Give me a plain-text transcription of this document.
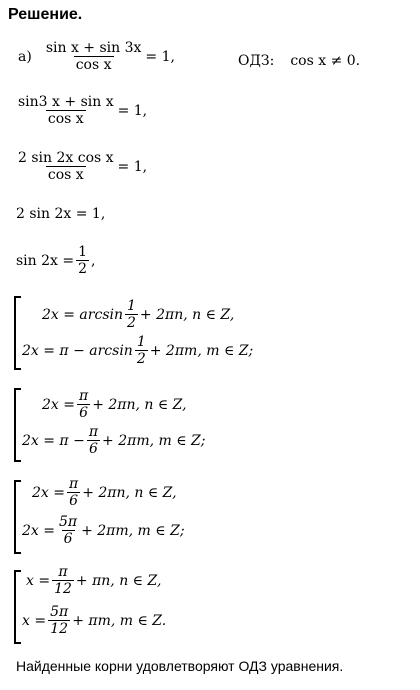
Решение.
$а) \frac{\text{sin x + sin 3x}}{\text{cos x}} = 1$,	ОДЗ: cos x ≠ 0.
$\frac{\text{sin3 x + sin x}}{\text{cos x}} = 1$,
$\frac{\text{2 sin 2x cos x}}{\text{cos x}} = 1$,
2 sin 2x = 1,
$\sin 2x = \frac{1}{2}$ ,
$2x = \arcsin \frac{1}{2} + 2\pi n$, n ∈ Z,
$2x = \pi - \arcsin \frac{1}{2} + 2\pi m$, m ∈ Z;
$2x = \frac{\pi}{6} + 2\pi n$, n ∈ Z,
$2x = \pi - \frac{\pi}{6} + 2\pi m$, m ∈ Z;
$2x = \frac{\pi}{6} + 2\pi n$, n ∈ Z,
$2x = \frac{5\pi}{6} + 2\pi m$, m ∈ Z;
$x = \frac{\pi}{12} + \pi n$, n ∈ Z,
$x = \frac{5\pi}{12} + \pi m$, m ∈ Z.
Найденные корни удовлетворяют ОДЗ уравнения.
